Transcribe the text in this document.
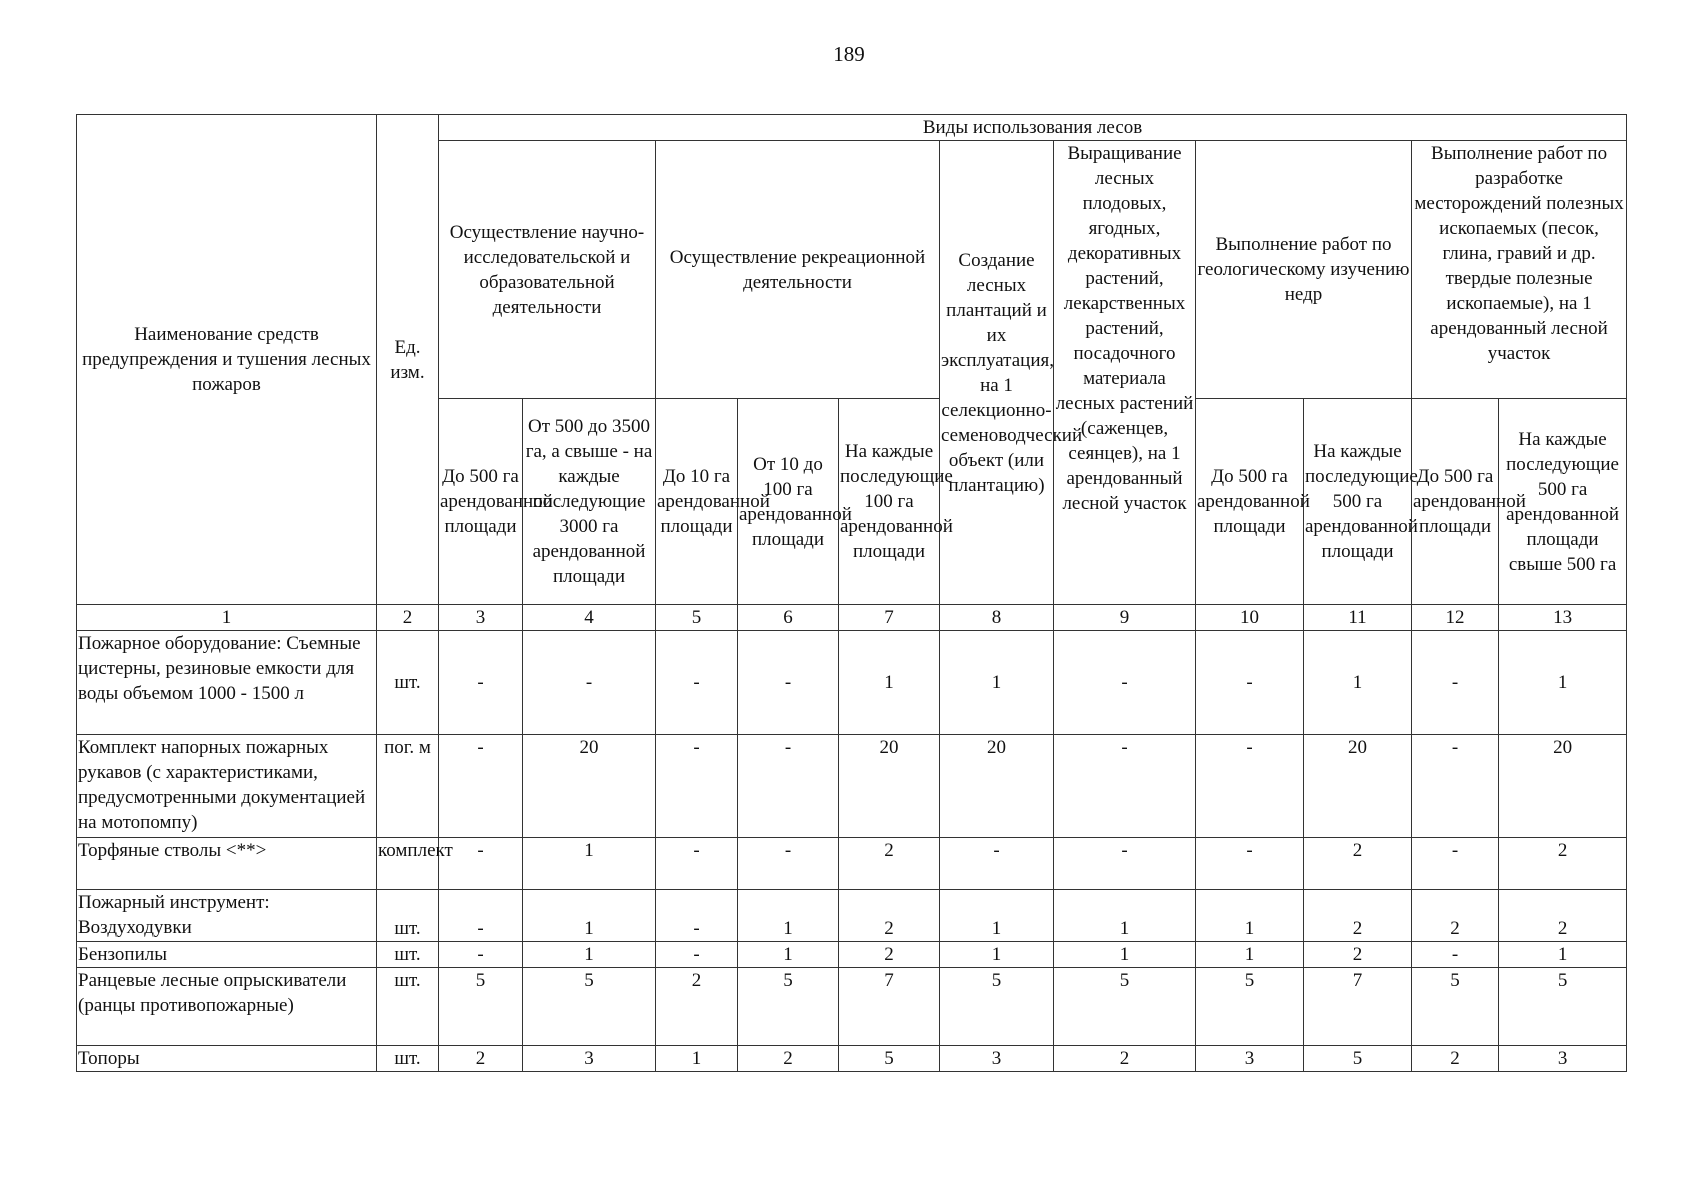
189
Наименование средств предупреждения и тушения лесных пожаров	Ед. изм.	Виды использования лесов										
		Осуществление научно-исследовательской и образовательной деятельности		Осуществление рекреационной деятельности			Создание лесных плантаций и их эксплуатация, на 1 селекционно-семеноводческий объект (или плантацию)	Выращивание лесных плодовых, ягодных, декоративных растений, лекарственных растений, посадочного материала лесных растений (саженцев, сеянцев), на 1 арендованный лесной участок	Выполнение работ по геологическому изучению недр		Выполнение работ по разработке месторождений полезных ископаемых (песок, глина, гравий и др. твердые полезные ископаемые), на 1 арендованный лесной участок	
		До 500 га арендованной площади	От 500 до 3500 га, а свыше - на каждые последующие 3000 га арендованной площади	До 10 га арендованной площади	От 10 до 100 га арендованной площади	На каждые последующие 100 га арендованной площади			До 500 га арендованной площади	На каждые последующие 500 га арендованной площади	До 500 га арендованной площади	На каждые последующие 500 га арендованной площади свыше 500 га
1	2	3	4	5	6	7	8	9	10	11	12	13
Пожарное оборудование: Съемные цистерны, резиновые емкости для воды объемом 1000 - 1500 л	шт.	-	-	-	-	1	1	-	-	1	-	1
Комплект напорных пожарных рукавов (с характеристиками, предусмотренными документацией на мотопомпу)	пог. м	-	20	-	-	20	20	-	-	20	-	20
Торфяные стволы <**>	комплект	-	1	-	-	2	-	-	-	2	-	2
Пожарный инструмент: Воздуходувки	шт.	-	1	-	1	2	1	1	1	2	2	2
Бензопилы	шт.	-	1	-	1	2	1	1	1	2	-	1
Ранцевые лесные опрыскиватели (ранцы противопожарные)	шт.	5	5	2	5	7	5	5	5	7	5	5
Топоры	шт.	2	3	1	2	5	3	2	3	5	2	3
